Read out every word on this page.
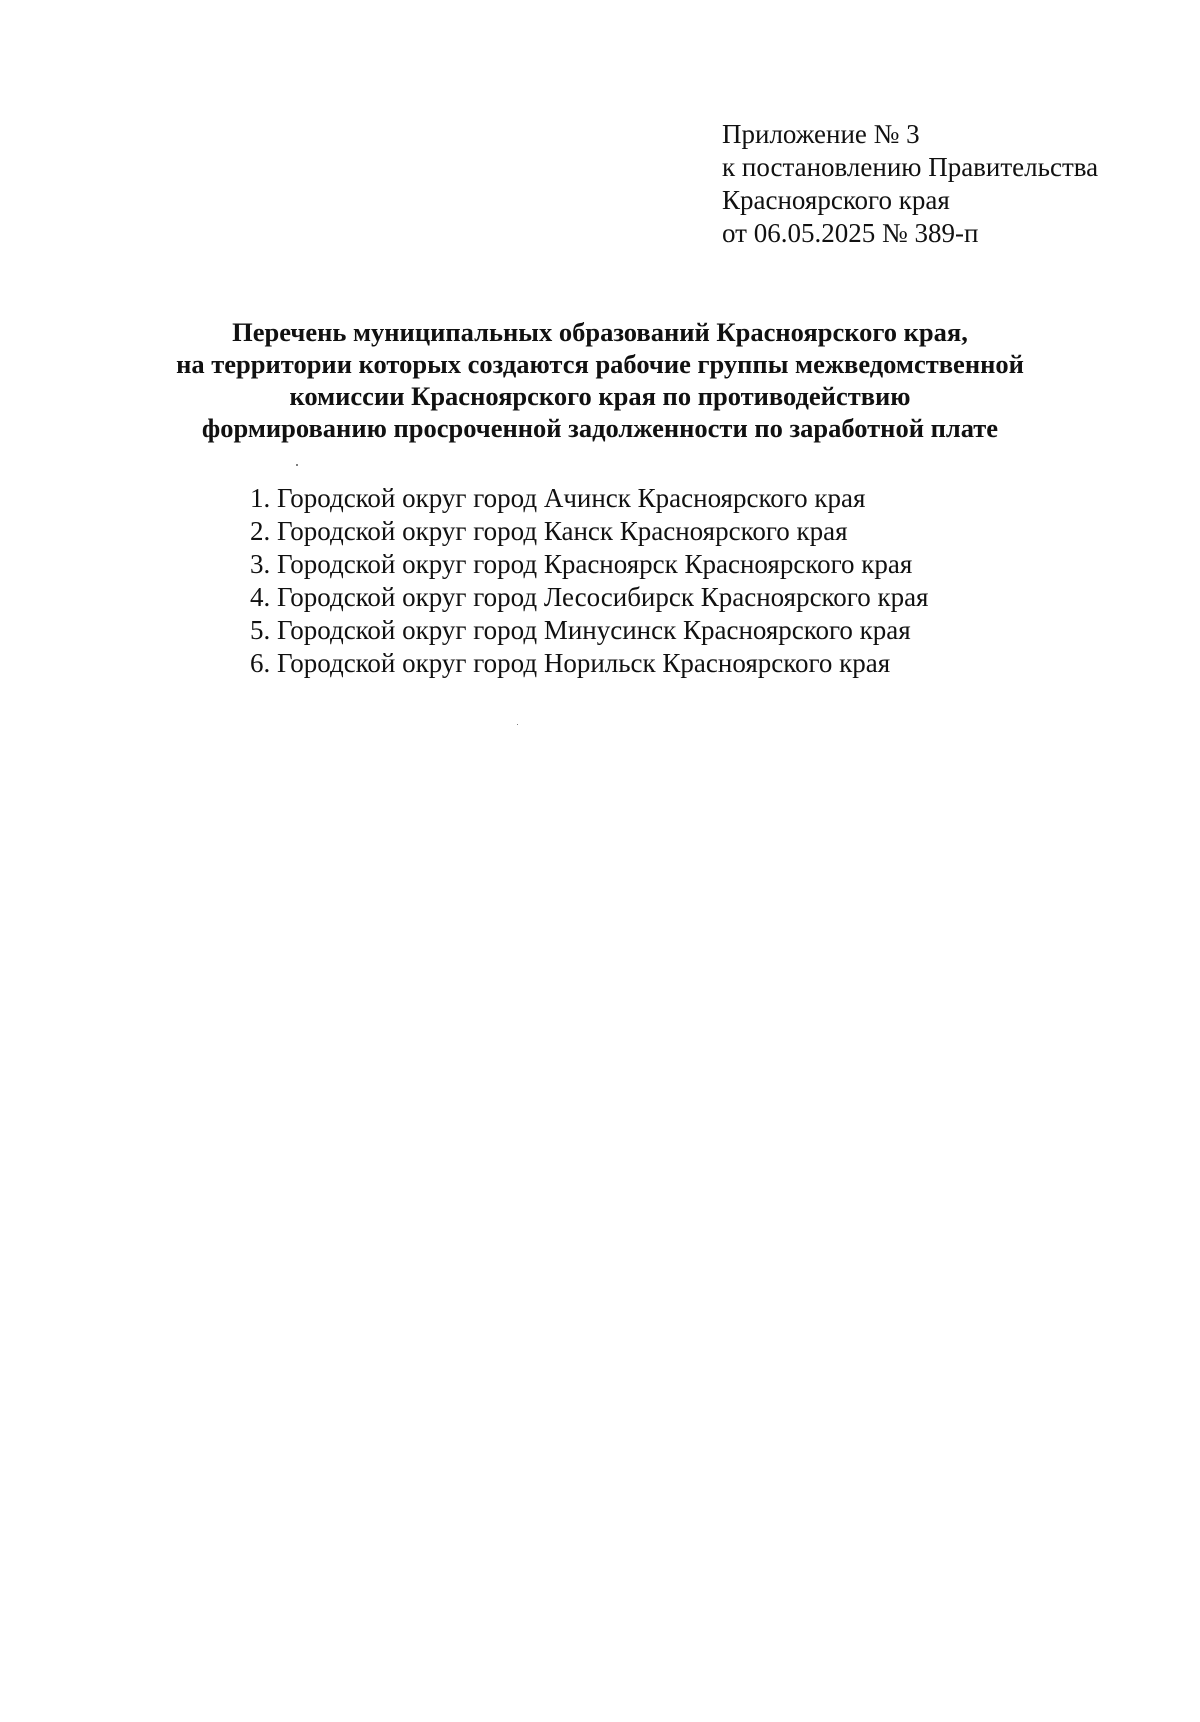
Приложение № 3
к постановлению Правительства
Красноярского края
от 06.05.2025 № 389-п
Перечень муниципальных образований Красноярского края,
на территории которых создаются рабочие группы межведомственной
комиссии Красноярского края по противодействию
формированию просроченной задолженности по заработной плате
1. Городской округ город Ачинск Красноярского края
2. Городской округ город Канск Красноярского края
3. Городской округ город Красноярск Красноярского края
4. Городской округ город Лесосибирск Красноярского края
5. Городской округ город Минусинск Красноярского края
6. Городской округ город Норильск Красноярского края
